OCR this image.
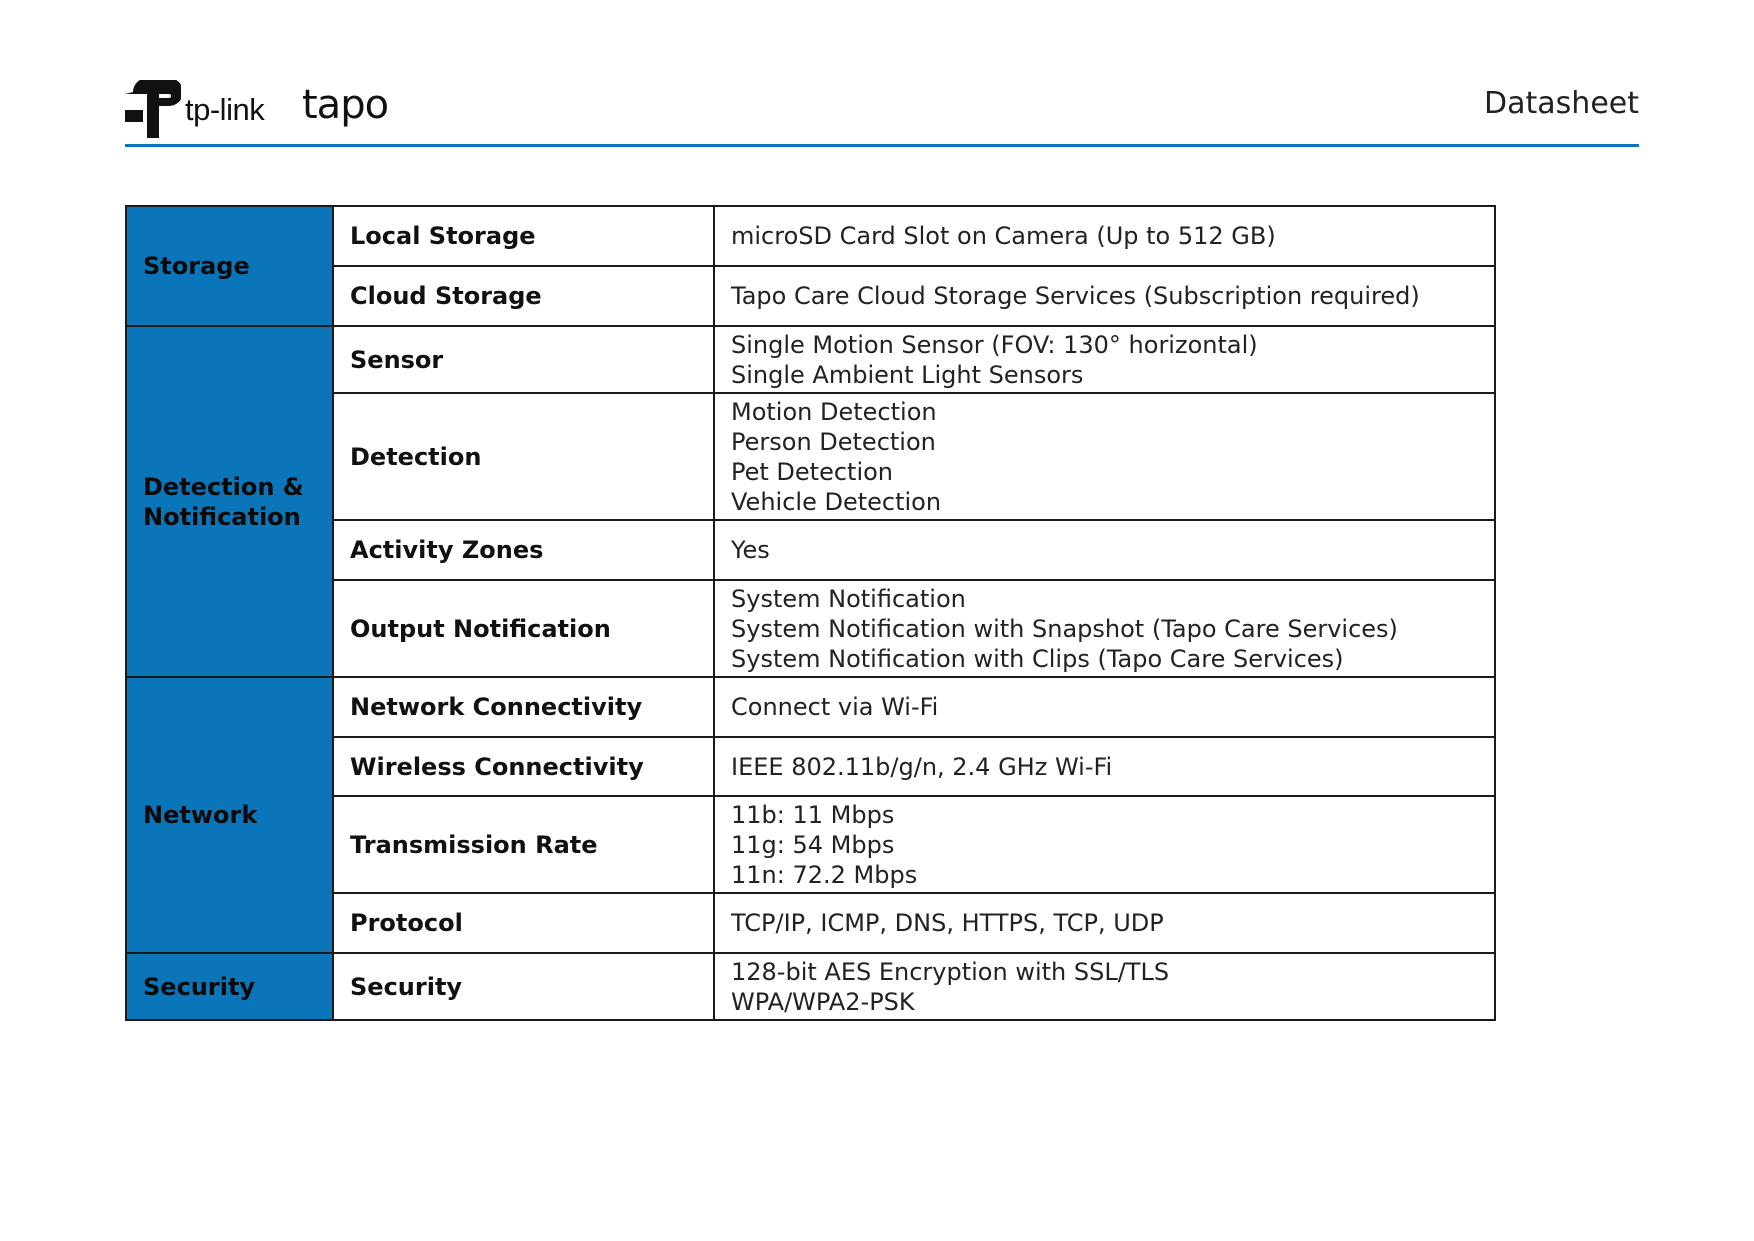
tp-link tapo	Datasheet
Storage	Local Storage	microSD Card Slot on Camera (Up to 512 GB)

	Cloud Storage	Tapo Care Cloud Storage Services (Subscription required)

Detection & Notification	Sensor	Single Motion Sensor (FOV: 130° horizontal)
Single Ambient Light Sensors

	Detection	Motion Detection
Person Detection
Pet Detection
Vehicle Detection

	Activity Zones	Yes

	Output Notification	System Notification
System Notification with Snapshot (Tapo Care Services)
System Notification with Clips (Tapo Care Services)

Network	Network Connectivity	Connect via Wi-Fi

	Wireless Connectivity	IEEE 802.11b/g/n, 2.4 GHz Wi-Fi

	Transmission Rate	11b: 11 Mbps
11g: 54 Mbps
11n: 72.2 Mbps

	Protocol	TCP/IP, ICMP, DNS, HTTPS, TCP, UDP

Security	Security	128-bit AES Encryption with SSL/TLS
WPA/WPA2-PSK
